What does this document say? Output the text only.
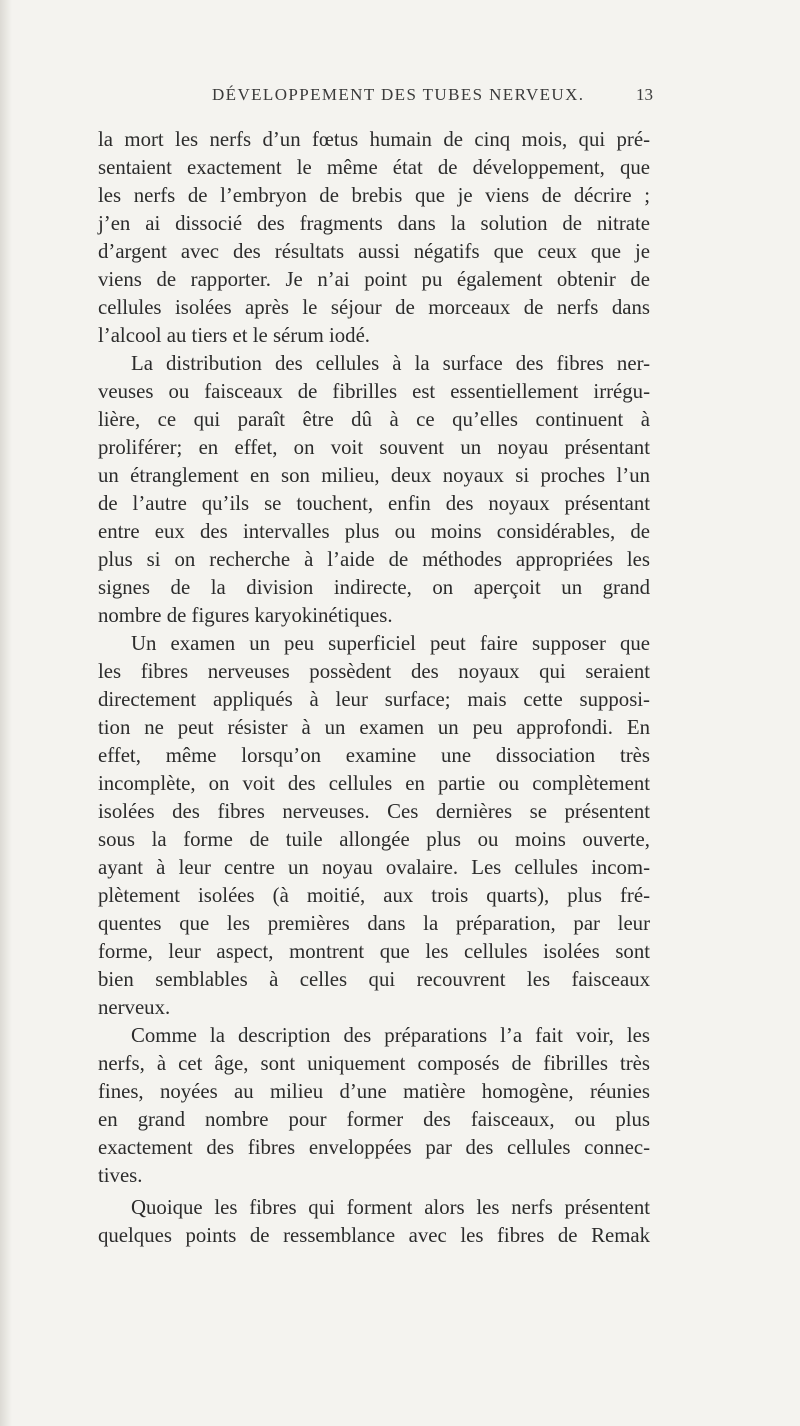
DÉVELOPPEMENT DES TUBES NERVEUX.	13
la mort les nerfs d’un fœtus humain de cinq mois, qui pré-
sentaient exactement le même état de développement, que
les nerfs de l’embryon de brebis que je viens de décrire ;
j’en ai dissocié des fragments dans la solution de nitrate
d’argent avec des résultats aussi négatifs que ceux que je
viens de rapporter. Je n’ai point pu également obtenir de
cellules isolées après le séjour de morceaux de nerfs dans
l’alcool au tiers et le sérum iodé.
La distribution des cellules à la surface des fibres ner-
veuses ou faisceaux de fibrilles est essentiellement irrégu-
lière, ce qui paraît être dû à ce qu’elles continuent à
proliférer; en effet, on voit souvent un noyau présentant
un étranglement en son milieu, deux noyaux si proches l’un
de l’autre qu’ils se touchent, enfin des noyaux présentant
entre eux des intervalles plus ou moins considérables, de
plus si on recherche à l’aide de méthodes appropriées les
signes de la division indirecte, on aperçoit un grand
nombre de figures karyokinétiques.
Un examen un peu superficiel peut faire supposer que
les fibres nerveuses possèdent des noyaux qui seraient
directement appliqués à leur surface; mais cette supposi-
tion ne peut résister à un examen un peu approfondi. En
effet, même lorsqu’on examine une dissociation très
incomplète, on voit des cellules en partie ou complètement
isolées des fibres nerveuses. Ces dernières se présentent
sous la forme de tuile allongée plus ou moins ouverte,
ayant à leur centre un noyau ovalaire. Les cellules incom-
plètement isolées (à moitié, aux trois quarts), plus fré-
quentes que les premières dans la préparation, par leur
forme, leur aspect, montrent que les cellules isolées sont
bien semblables à celles qui recouvrent les faisceaux
nerveux.
Comme la description des préparations l’a fait voir, les
nerfs, à cet âge, sont uniquement composés de fibrilles très
fines, noyées au milieu d’une matière homogène, réunies
en grand nombre pour former des faisceaux, ou plus
exactement des fibres enveloppées par des cellules connec-
tives.
Quoique les fibres qui forment alors les nerfs présentent
quelques points de ressemblance avec les fibres de Remak
